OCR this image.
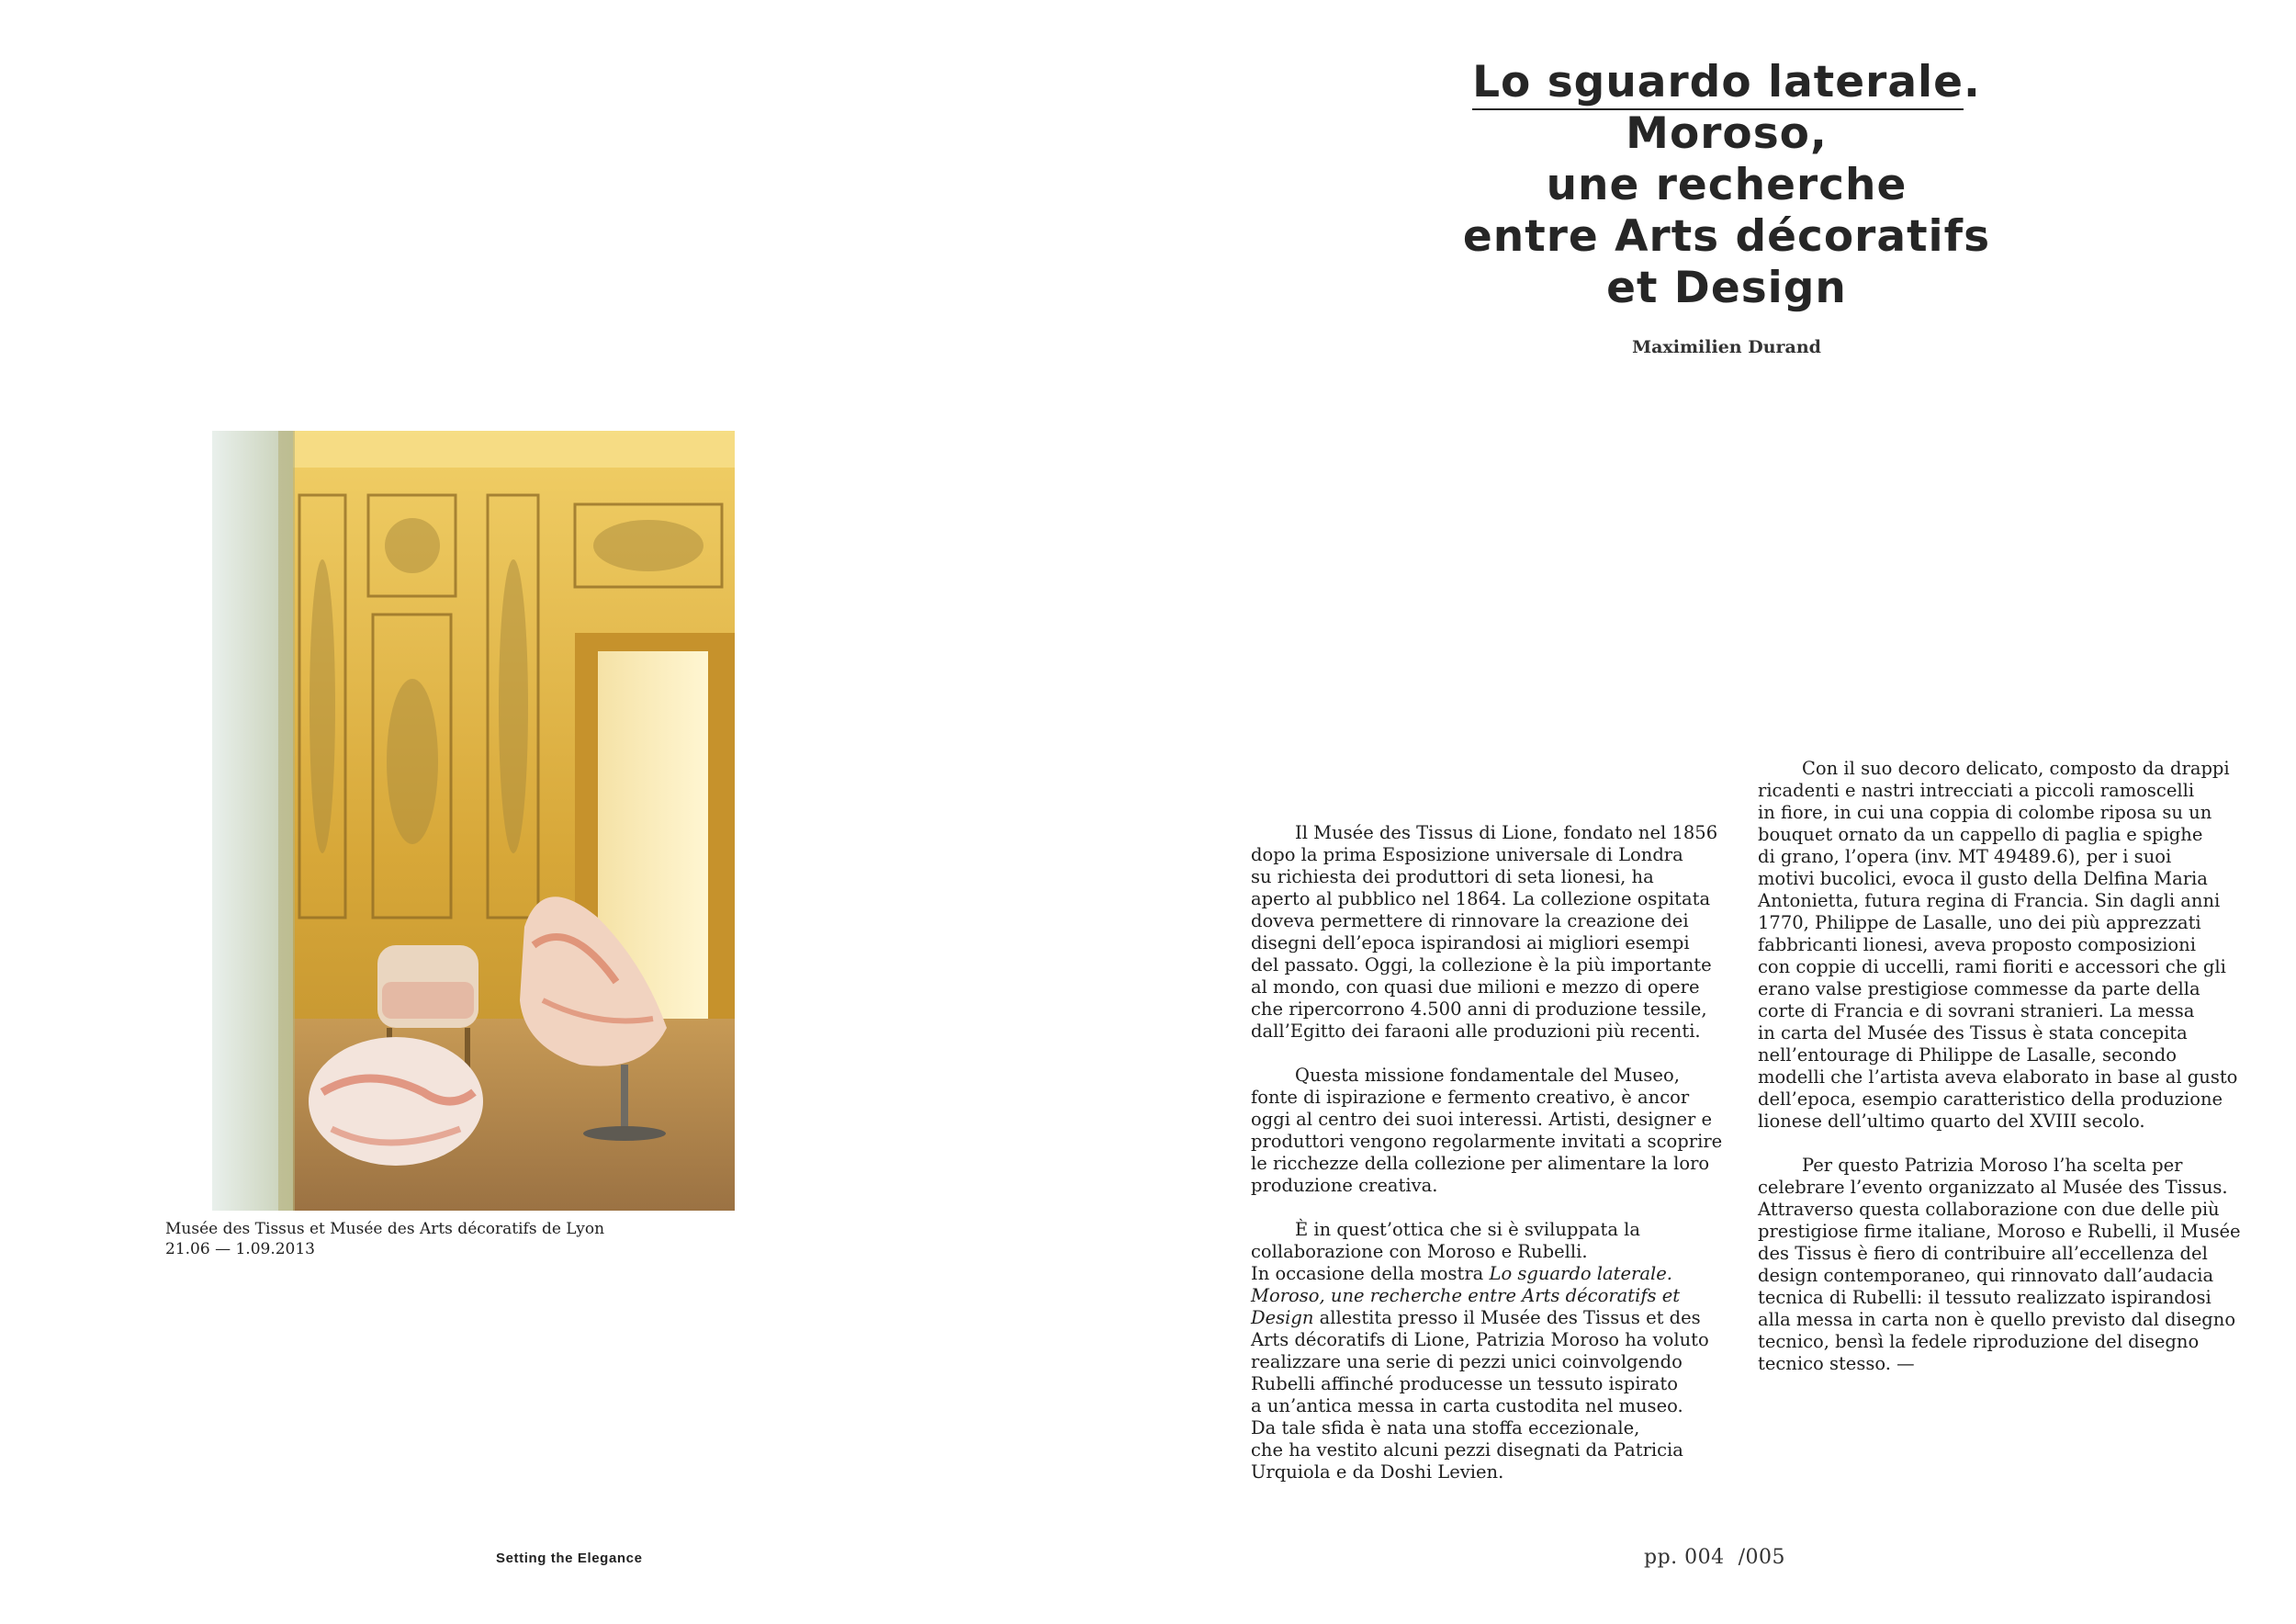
Musée des Tissus et Musée des Arts décoratifs de Lyon
21.06 — 1.09.2013
Setting the Elegance
Lo sguardo laterale.
Moroso,
une recherche
entre Arts décoratifs
et Design
Maximilien Durand
Il Musée des Tissus di Lione, fondato nel 1856
dopo la prima Esposizione universale di Londra
su richiesta dei produttori di seta lionesi, ha
aperto al pubblico nel 1864. La collezione ospitata
doveva permettere di rinnovare la creazione dei
disegni dell’epoca ispirandosi ai migliori esempi
del passato. Oggi, la collezione è la più importante
al mondo, con quasi due milioni e mezzo di opere
che ripercorrono 4.500 anni di produzione tessile,
dall’Egitto dei faraoni alle produzioni più recenti.
Questa missione fondamentale del Museo,
fonte di ispirazione e fermento creativo, è ancor
oggi al centro dei suoi interessi. Artisti, designer e
produttori vengono regolarmente invitati a scoprire
le ricchezze della collezione per alimentare la loro
produzione creativa.
È in quest’ottica che si è sviluppata la
collaborazione con Moroso e Rubelli.
In occasione della mostra Lo sguardo laterale.
Moroso, une recherche entre Arts décoratifs et
Design allestita presso il Musée des Tissus et des
Arts décoratifs di Lione, Patrizia Moroso ha voluto
realizzare una serie di pezzi unici coinvolgendo
Rubelli affinché producesse un tessuto ispirato
a un’antica messa in carta custodita nel museo.
Da tale sfida è nata una stoffa eccezionale,
che ha vestito alcuni pezzi disegnati da Patricia
Urquiola e da Doshi Levien.
Con il suo decoro delicato, composto da drappi
ricadenti e nastri intrecciati a piccoli ramoscelli
in fiore, in cui una coppia di colombe riposa su un
bouquet ornato da un cappello di paglia e spighe
di grano, l’opera (inv. MT 49489.6), per i suoi
motivi bucolici, evoca il gusto della Delfina Maria
Antonietta, futura regina di Francia. Sin dagli anni
1770, Philippe de Lasalle, uno dei più apprezzati
fabbricanti lionesi, aveva proposto composizioni
con coppie di uccelli, rami fioriti e accessori che gli
erano valse prestigiose commesse da parte della
corte di Francia e di sovrani stranieri. La messa
in carta del Musée des Tissus è stata concepita
nell’entourage di Philippe de Lasalle, secondo
modelli che l’artista aveva elaborato in base al gusto
dell’epoca, esempio caratteristico della produzione
lionese dell’ultimo quarto del XVIII secolo.
Per questo Patrizia Moroso l’ha scelta per
celebrare l’evento organizzato al Musée des Tissus.
Attraverso questa collaborazione con due delle più
prestigiose firme italiane, Moroso e Rubelli, il Musée
des Tissus è fiero di contribuire all’eccellenza del
design contemporaneo, qui rinnovato dall’audacia
tecnica di Rubelli: il tessuto realizzato ispirandosi
alla messa in carta non è quello previsto dal disegno
tecnico, bensì la fedele riproduzione del disegno
tecnico stesso. —
pp. 004  /005
